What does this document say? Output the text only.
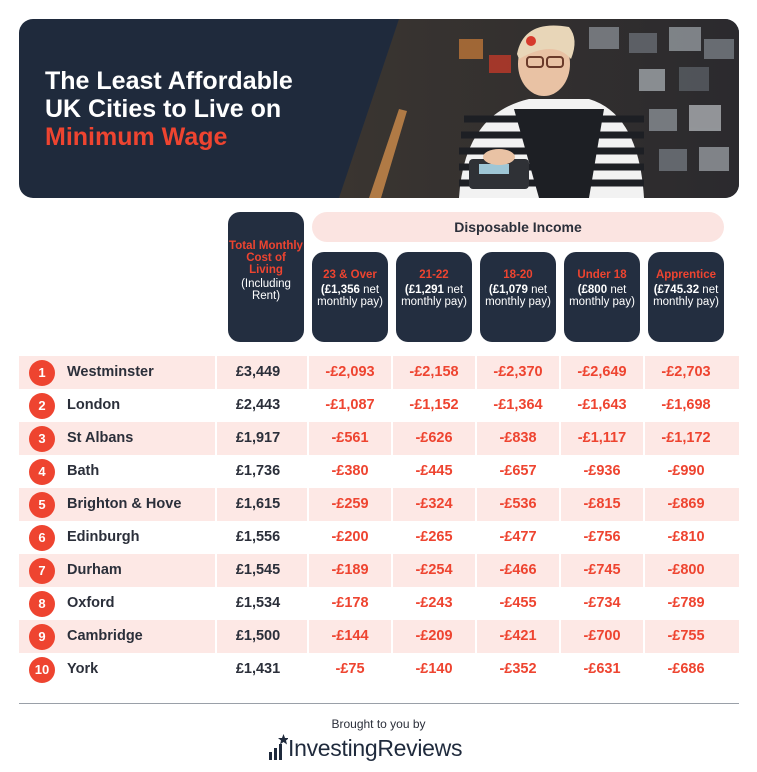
The Least Affordable
UK Cities to Live on
Minimum Wage
Total Monthly Cost of Living
(Including Rent)
Disposable Income
23 & Over
(£1,356 net monthly pay)
21-22
(£1,291 net monthly pay)
18-20
(£1,079 net monthly pay)
Under 18
(£800 net monthly pay)
Apprentice
(£745.32 net monthly pay)
1	Westminster	£3,449	-£2,093	-£2,158	-£2,370	-£2,649	-£2,703
2	London	£2,443	-£1,087	-£1,152	-£1,364	-£1,643	-£1,698
3	St Albans	£1,917	-£561	-£626	-£838	-£1,117	-£1,172
4	Bath	£1,736	-£380	-£445	-£657	-£936	-£990
5	Brighton & Hove	£1,615	-£259	-£324	-£536	-£815	-£869
6	Edinburgh	£1,556	-£200	-£265	-£477	-£756	-£810
7	Durham	£1,545	-£189	-£254	-£466	-£745	-£800
8	Oxford	£1,534	-£178	-£243	-£455	-£734	-£789
9	Cambridge	£1,500	-£144	-£209	-£421	-£700	-£755
10	York	£1,431	-£75	-£140	-£352	-£631	-£686
Brought to you by
InvestingReviews
